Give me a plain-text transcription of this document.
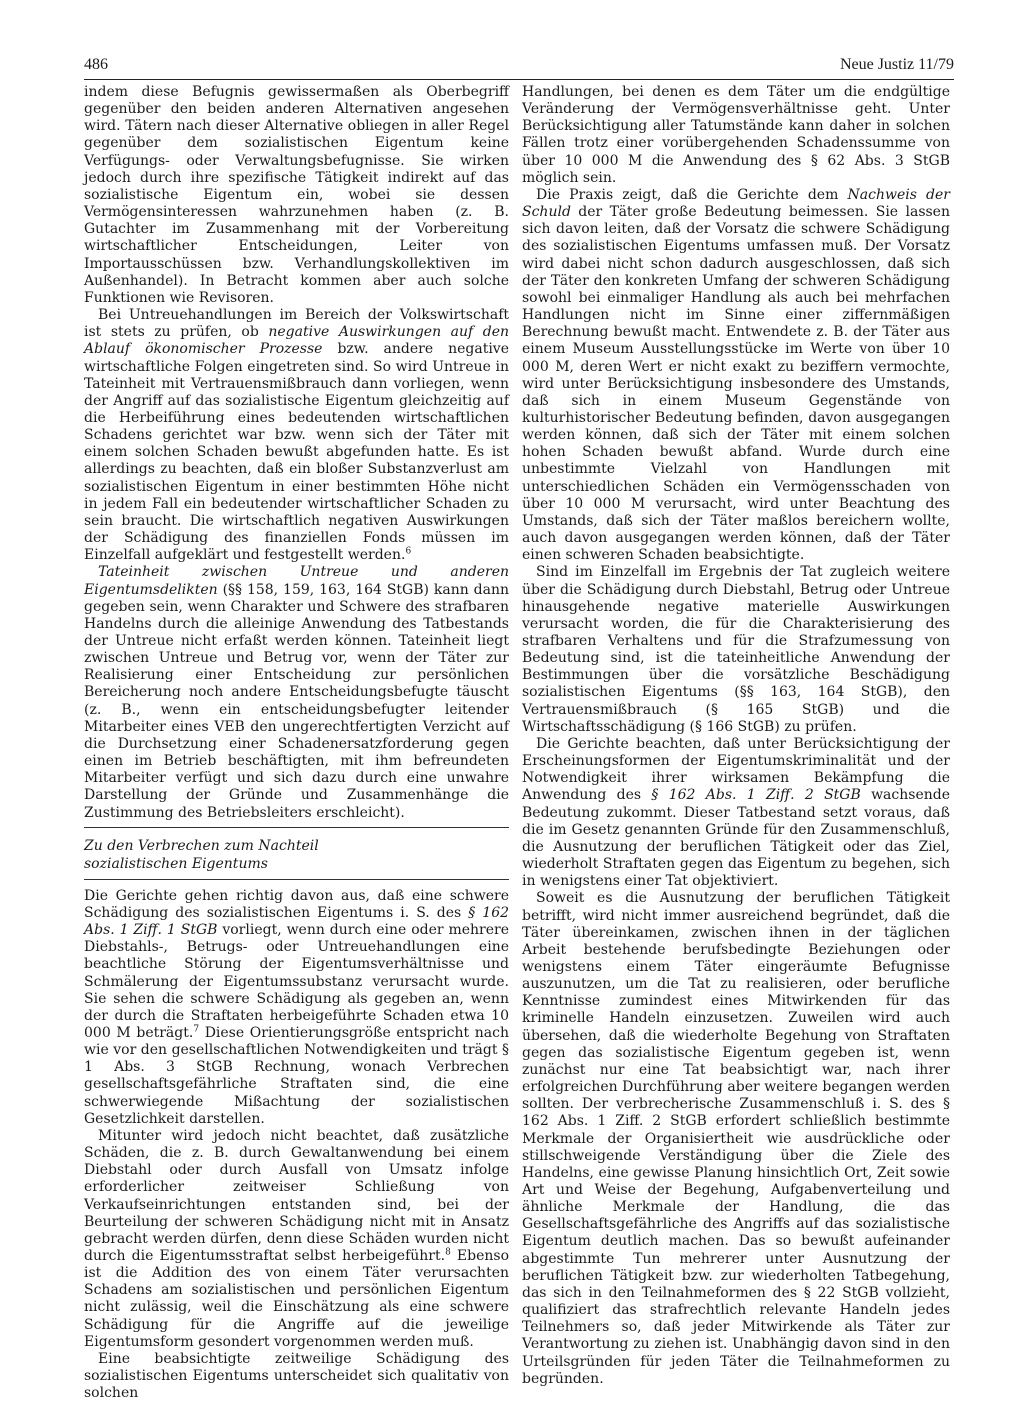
486	Neue Justiz 11/79

indem diese Befugnis gewissermaßen als Oberbegriff gegenüber den beiden anderen Alternativen angesehen wird. Tätern nach dieser Alternative obliegen in aller Regel gegenüber dem sozialistischen Eigentum keine Verfügungs- oder Verwaltungsbefugnisse. Sie wirken jedoch durch ihre spezifische Tätigkeit indirekt auf das sozialistische Eigentum ein, wobei sie dessen Vermögensinteressen wahrzunehmen haben (z. B. Gutachter im Zusammenhang mit der Vorbereitung wirtschaftlicher Entscheidungen, Leiter von Importausschüssen bzw. Verhandlungskollektiven im Außenhandel). In Betracht kommen aber auch solche Funktionen wie Revisoren.

Bei Untreuehandlungen im Bereich der Volkswirtschaft ist stets zu prüfen, ob negative Auswirkungen auf den Ablauf ökonomischer Prozesse bzw. andere negative wirtschaftliche Folgen eingetreten sind. So wird Untreue in Tateinheit mit Vertrauensmißbrauch dann vorliegen, wenn der Angriff auf das sozialistische Eigentum gleichzeitig auf die Herbeiführung eines bedeutenden wirtschaftlichen Schadens gerichtet war bzw. wenn sich der Täter mit einem solchen Schaden bewußt abgefunden hatte. Es ist allerdings zu beachten, daß ein bloßer Substanzverlust am sozialistischen Eigentum in einer bestimmten Höhe nicht in jedem Fall ein bedeutender wirtschaftlicher Schaden zu sein braucht. Die wirtschaftlich negativen Auswirkungen der Schädigung des finanziellen Fonds müssen im Einzelfall aufgeklärt und festgestellt werden.$^6$

Tateinheit zwischen Untreue und anderen Eigentumsdelikten (§§ 158, 159, 163, 164 StGB) kann dann gegeben sein, wenn Charakter und Schwere des strafbaren Handelns durch die alleinige Anwendung des Tatbestands der Untreue nicht erfaßt werden können. Tateinheit liegt zwischen Untreue und Betrug vor, wenn der Täter zur Realisierung einer Entscheidung zur persönlichen Bereicherung noch andere Entscheidungsbefugte täuscht (z. B., wenn ein entscheidungsbefugter leitender Mitarbeiter eines VEB den ungerechtfertigten Verzicht auf die Durchsetzung einer Schadenersatzforderung gegen einen im Betrieb beschäftigten, mit ihm befreundeten Mitarbeiter verfügt und sich dazu durch eine unwahre Darstellung der Gründe und Zusammenhänge die Zustimmung des Betriebsleiters erschleicht).

Zu den Verbrechen zum Nachteil
sozialistischen Eigentums

Die Gerichte gehen richtig davon aus, daß eine schwere Schädigung des sozialistischen Eigentums i. S. des § 162 Abs. 1 Ziff. 1 StGB vorliegt, wenn durch eine oder mehrere Diebstahls-, Betrugs- oder Untreuehandlungen eine beachtliche Störung der Eigentumsverhältnisse und Schmälerung der Eigentumssubstanz verursacht wurde. Sie sehen die schwere Schädigung als gegeben an, wenn der durch die Straftaten herbeigeführte Schaden etwa 10 000 M beträgt.$^7$ Diese Orientierungsgröße entspricht nach wie vor den gesellschaftlichen Notwendigkeiten und trägt § 1 Abs. 3 StGB Rechnung, wonach Verbrechen gesellschaftsgefährliche Straftaten sind, die eine schwerwiegende Mißachtung der sozialistischen Gesetzlichkeit darstellen.

Mitunter wird jedoch nicht beachtet, daß zusätzliche Schäden, die z. B. durch Gewaltanwendung bei einem Diebstahl oder durch Ausfall von Umsatz infolge erforderlicher zeitweiser Schließung von Verkaufseinrichtungen entstanden sind, bei der Beurteilung der schweren Schädigung nicht mit in Ansatz gebracht werden dürfen, denn diese Schäden wurden nicht durch die Eigentumsstraftat selbst herbeigeführt.$^8$ Ebenso ist die Addition des von einem Täter verursachten Schadens am sozialistischen und persönlichen Eigentum nicht zulässig, weil die Einschätzung als eine schwere Schädigung für die Angriffe auf die jeweilige Eigentumsform gesondert vorgenommen werden muß.

Eine beabsichtigte zeitweilige Schädigung des sozialistischen Eigentums unterscheidet sich qualitativ von solchen

Handlungen, bei denen es dem Täter um die endgültige Veränderung der Vermögensverhältnisse geht. Unter Berücksichtigung aller Tatumstände kann daher in solchen Fällen trotz einer vorübergehenden Schadenssumme von über 10 000 M die Anwendung des § 62 Abs. 3 StGB möglich sein.

Die Praxis zeigt, daß die Gerichte dem Nachweis der Schuld der Täter große Bedeutung beimessen. Sie lassen sich davon leiten, daß der Vorsatz die schwere Schädigung des sozialistischen Eigentums umfassen muß. Der Vorsatz wird dabei nicht schon dadurch ausgeschlossen, daß sich der Täter den konkreten Umfang der schweren Schädigung sowohl bei einmaliger Handlung als auch bei mehrfachen Handlungen nicht im Sinne einer ziffernmäßigen Berechnung bewußt macht. Entwendete z. B. der Täter aus einem Museum Ausstellungsstücke im Werte von über 10 000 M, deren Wert er nicht exakt zu beziffern vermochte, wird unter Berücksichtigung insbesondere des Umstands, daß sich in einem Museum Gegenstände von kulturhistorischer Bedeutung befinden, davon ausgegangen werden können, daß sich der Täter mit einem solchen hohen Schaden bewußt abfand. Wurde durch eine unbestimmte Vielzahl von Handlungen mit unterschiedlichen Schäden ein Vermögensschaden von über 10 000 M verursacht, wird unter Beachtung des Umstands, daß sich der Täter maßlos bereichern wollte, auch davon ausgegangen werden können, daß der Täter einen schweren Schaden beabsichtigte.

Sind im Einzelfall im Ergebnis der Tat zugleich weitere über die Schädigung durch Diebstahl, Betrug oder Untreue hinausgehende negative materielle Auswirkungen verursacht worden, die für die Charakterisierung des strafbaren Verhaltens und für die Strafzumessung von Bedeutung sind, ist die tateinheitliche Anwendung der Bestimmungen über die vorsätzliche Beschädigung sozialistischen Eigentums (§§ 163, 164 StGB), den Vertrauensmißbrauch (§ 165 StGB) und die Wirtschaftsschädigung (§ 166 StGB) zu prüfen.

Die Gerichte beachten, daß unter Berücksichtigung der Erscheinungsformen der Eigentumskriminalität und der Notwendigkeit ihrer wirksamen Bekämpfung die Anwendung des § 162 Abs. 1 Ziff. 2 StGB wachsende Bedeutung zukommt. Dieser Tatbestand setzt voraus, daß die im Gesetz genannten Gründe für den Zusammenschluß, die Ausnutzung der beruflichen Tätigkeit oder das Ziel, wiederholt Straftaten gegen das Eigentum zu begehen, sich in wenigstens einer Tat objektiviert.

Soweit es die Ausnutzung der beruflichen Tätigkeit betrifft, wird nicht immer ausreichend begründet, daß die Täter übereinkamen, zwischen ihnen in der täglichen Arbeit bestehende berufsbedingte Beziehungen oder wenigstens einem Täter eingeräumte Befugnisse auszunutzen, um die Tat zu realisieren, oder berufliche Kenntnisse zumindest eines Mitwirkenden für das kriminelle Handeln einzusetzen. Zuweilen wird auch übersehen, daß die wiederholte Begehung von Straftaten gegen das sozialistische Eigentum gegeben ist, wenn zunächst nur eine Tat beabsichtigt war, nach ihrer erfolgreichen Durchführung aber weitere begangen werden sollten. Der verbrecherische Zusammenschluß i. S. des § 162 Abs. 1 Ziff. 2 StGB erfordert schließlich bestimmte Merkmale der Organisiertheit wie ausdrückliche oder stillschweigende Verständigung über die Ziele des Handelns, eine gewisse Planung hinsichtlich Ort, Zeit sowie Art und Weise der Begehung, Aufgabenverteilung und ähnliche Merkmale der Handlung, die das Gesellschaftsgefährliche des Angriffs auf das sozialistische Eigentum deutlich machen. Das so bewußt aufeinander abgestimmte Tun mehrerer unter Ausnutzung der beruflichen Tätigkeit bzw. zur wiederholten Tatbegehung, das sich in den Teilnahmeformen des § 22 StGB vollzieht, qualifiziert das strafrechtlich relevante Handeln jedes Teilnehmers so, daß jeder Mitwirkende als Täter zur Verantwortung zu ziehen ist. Unabhängig davon sind in den Urteilsgründen für jeden Täter die Teilnahmeformen zu begründen.
